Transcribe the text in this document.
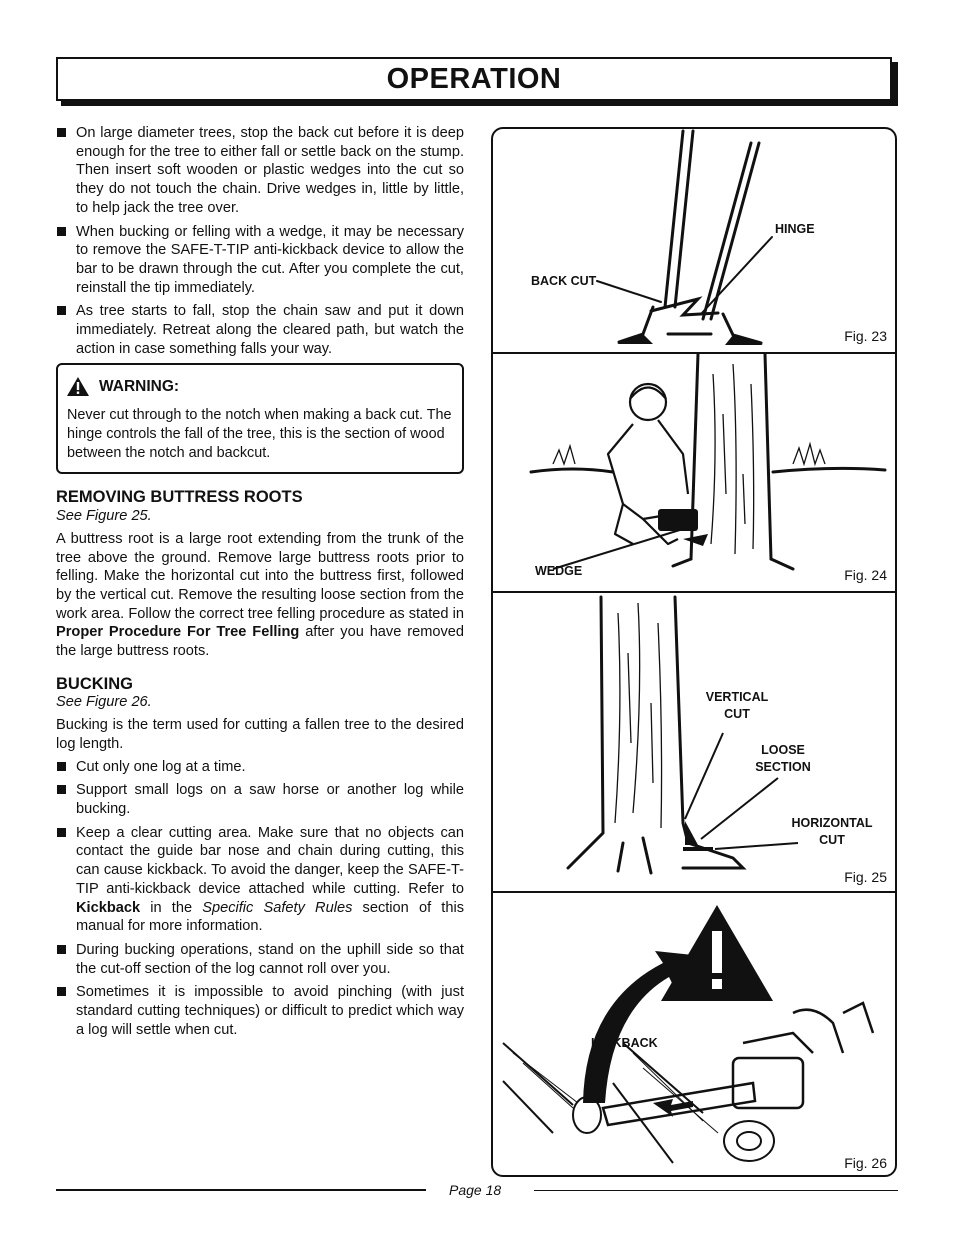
OPERATION
On large diameter trees, stop the back cut before it is deep enough for the tree to either fall or settle back on the stump. Then insert soft wooden or plastic wedges into the cut so they do not touch the chain. Drive wedges in, little by little, to help jack the tree over.
When bucking or felling with a wedge, it may be necessary to remove the SAFE-T-TIP anti-kickback device to allow the bar to be drawn through the cut. After you complete the cut, reinstall the tip immediately.
As tree starts to fall, stop the chain saw and put it down immediately. Retreat along the cleared path, but watch the action in case something falls your way.
WARNING:

Never cut through to the notch when making a back cut. The hinge controls the fall of the tree, this is the section of wood between the notch and backcut.

REMOVING BUTTRESS ROOTS
See Figure 25.

A buttress root is a large root extending from the trunk of the tree above the ground. Remove large buttress roots prior to felling. Make the horizontal cut into the buttress first, followed by the vertical cut. Remove the resulting loose section from the work area. Follow the correct tree felling procedure as stated in Proper Procedure For Tree Felling after you have removed the large buttress roots.

BUCKING
See Figure 26.

Bucking is the term used for cutting a fallen tree to the desired log length.

Cut only one log at a time.
Support small logs on a saw horse or another log while bucking.
Keep a clear cutting area. Make sure that no objects can contact the guide bar nose and chain during cutting, this can cause kickback. To avoid the danger, keep the SAFE-T-TIP anti-kickback device attached while cutting. Refer to Kickback in the Specific Safety Rules section of this manual for more information.
During bucking operations, stand on the uphill side so that the cut-off section of the log cannot roll over you.
Sometimes it is impossible to avoid pinching (with just standard cutting techniques) or difficult to predict which way a log will settle when cut.
BACK CUT
HINGE
Fig. 23
WEDGE	Fig. 24
VERTICAL CUT
LOOSE SECTION
HORIZONTAL CUT
Fig. 25
KICKBACK
Fig. 26
Page 18
